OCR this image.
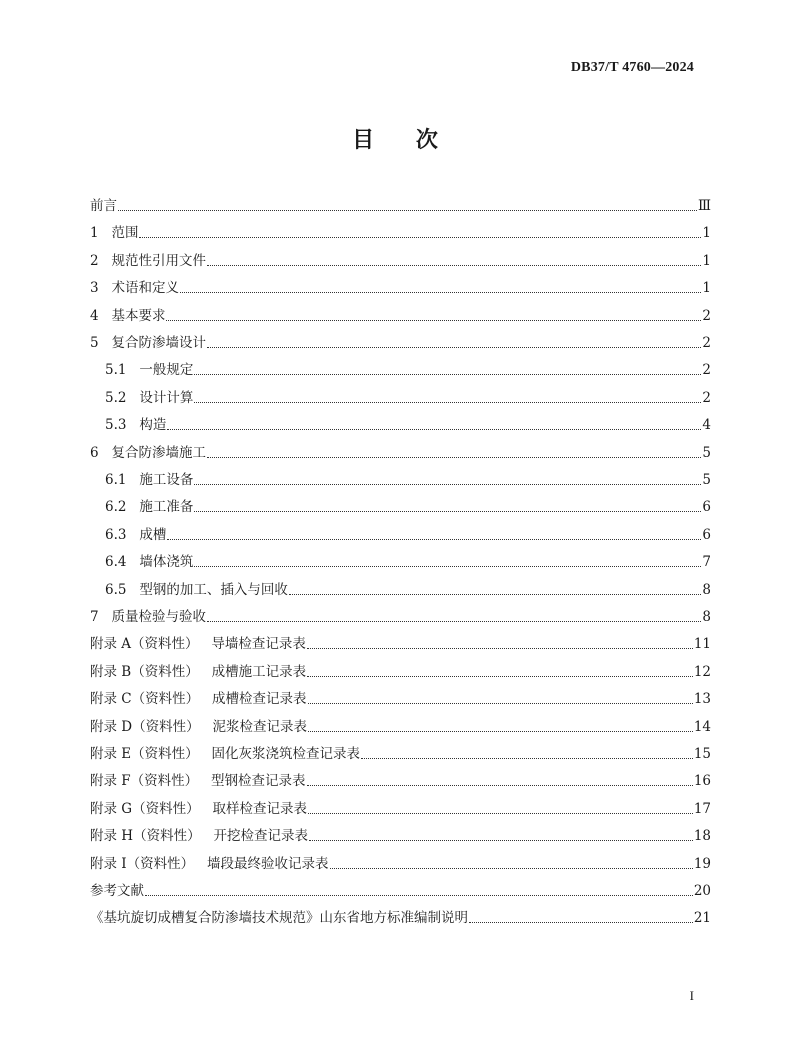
DB37/T 4760—2024
目 次
前言	Ⅲ
1   范围	1
2   规范性引用文件	1
3   术语和定义	1
4   基本要求	2
5   复合防渗墙设计	2
5.1   一般规定	2
5.2   设计计算	2
5.3   构造	4
6   复合防渗墙施工	5
6.1   施工设备	5
6.2   施工准备	6
6.3   成槽	6
6.4   墙体浇筑	7
6.5   型钢的加工、插入与回收	8
7   质量检验与验收	8
附录 A（资料性）   导墙检查记录表	11
附录 B（资料性）   成槽施工记录表	12
附录 C（资料性）   成槽检查记录表	13
附录 D（资料性）   泥浆检查记录表	14
附录 E（资料性）   固化灰浆浇筑检查记录表	15
附录 F（资料性）   型钢检查记录表	16
附录 G（资料性）   取样检查记录表	17
附录 H（资料性）   开挖检查记录表	18
附录 I（资料性）   墙段最终验收记录表	19
参考文献	20
《基坑旋切成槽复合防渗墙技术规范》山东省地方标准编制说明	21
I
